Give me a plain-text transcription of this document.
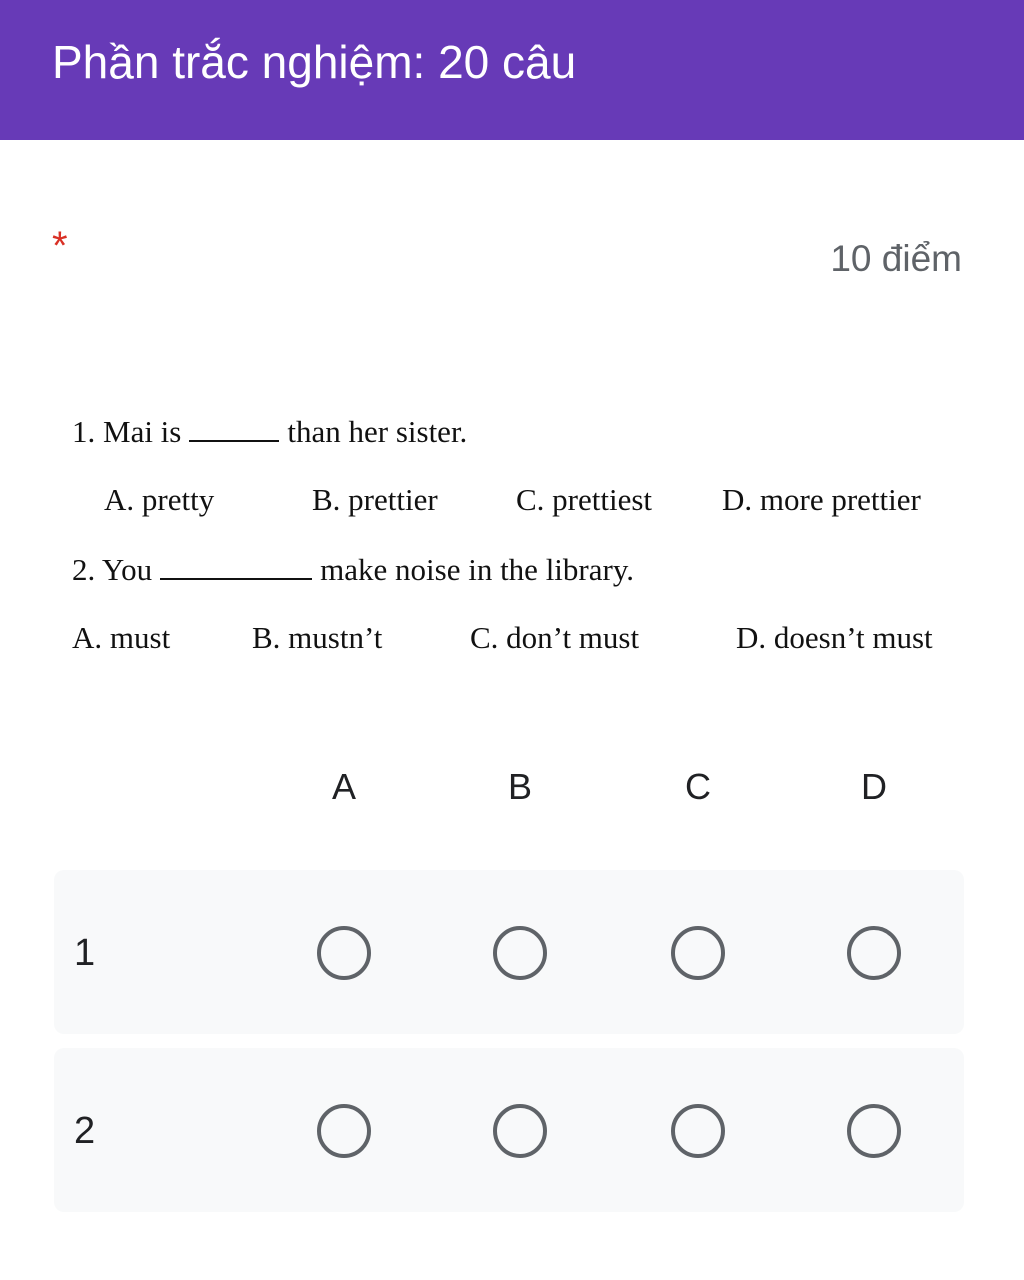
Phần trắc nghiệm: 20 câu
*	10 điểm
1. Mai is	than her sister.
A. pretty	B. prettier	C. prettiest D. more prettier
2. You	make noise in the library.
A. must	B. mustn’t	C. don’t must	D. doesn’t must
A	B	C	D
1
2
